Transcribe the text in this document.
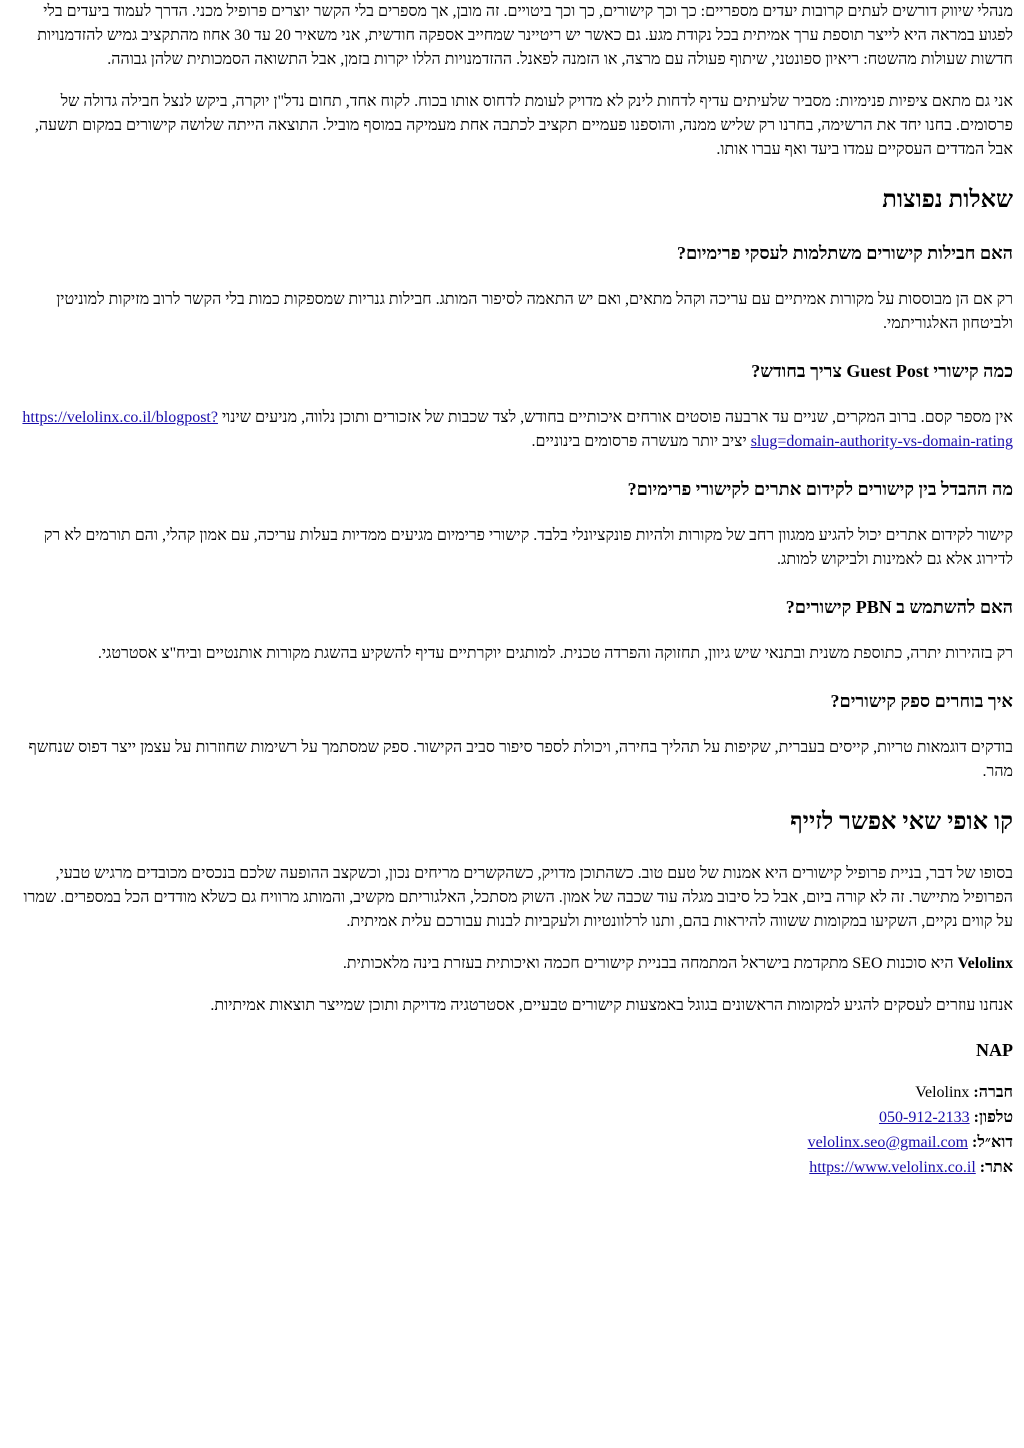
מנהלי שיווק דורשים לעתים קרובות יעדים מספריים: כך וכך קישורים, כך וכך ביטויים. זה מובן, אך מספרים בלי הקשר יוצרים פרופיל מכני. הדרך לעמוד ביעדים בלי לפגוע במראה היא לייצר תוספת ערך אמיתית בכל נקודת מגע. גם כאשר יש ריטיינר שמחייב אספקה חודשית, אני משאיר 20 עד 30 אחוז מהתקציב גמיש להזדמנויות חדשות שעולות מהשטח: ריאיון ספונטני, שיתוף פעולה עם מרצה, או הזמנה לפאנל. ההזדמנויות הללו יקרות בזמן, אבל התשואה הסמכותית שלהן גבוהה.

אני גם מתאם ציפיות פנימיות: מסביר שלעיתים עדיף לדחות לינק לא מדויק לעומת לדחוס אותו בכוח. לקוח אחד, תחום נדל"ן יוקרה, ביקש לנצל חבילה גדולה של פרסומים. בחנו יחד את הרשימה, בחרנו רק שליש ממנה, והוספנו פעמיים תקציב לכתבה אחת מעמיקה במוסף מוביל. התוצאה הייתה שלושה קישורים במקום תשעה, אבל המדדים העסקיים עמדו ביעד ואף עברו אותו.

שאלות נפוצות
האם חבילות קישורים משתלמות לעסקי פרימיום?

רק אם הן מבוססות על מקורות אמיתיים עם עריכה וקהל מתאים, ואם יש התאמה לסיפור המותג. חבילות גנריות שמספקות כמות בלי הקשר לרוב מזיקות למוניטין ולביטחון האלגוריתמי.

כמה קישורי Guest Post צריך בחודש?

אין מספר קסם. ברוב המקרים, שניים עד ארבעה פוסטים אורחים איכותיים בחודש, לצד שכבות של אזכורים ותוכן נלווה, מניעים שינוי https://velolinx.co.il/blogpost?slug=domain-authority-vs-domain-rating יציב יותר מעשרה פרסומים בינוניים.

מה ההבדל בין קישורים לקידום אתרים לקישורי פרימיום?

קישור לקידום אתרים יכול להגיע ממגוון רחב של מקורות ולהיות פונקציונלי בלבד. קישורי פרימיום מגיעים ממדיות בעלות עריכה, עם אמון קהלי, והם תורמים לא רק לדירוג אלא גם לאמינות ולביקוש למותג.

האם להשתמש ב PBN קישורים?

רק בזהירות יתרה, כתוספת משנית ובתנאי שיש גיוון, תחזוקה והפרדה טכנית. למותגים יוקרתיים עדיף להשקיע בהשגת מקורות אותנטיים וביח"צ אסטרטגי.

איך בוחרים ספק קישורים?

בודקים דוגמאות טריות, קייסים בעברית, שקיפות על תהליך בחירה, ויכולת לספר סיפור סביב הקישור. ספק שמסתמך על רשימות שחוזרות על עצמן ייצר דפוס שנחשף מהר.

קו אופי שאי אפשר לזייף

בסופו של דבר, בניית פרופיל קישורים היא אמנות של טעם טוב. כשהתוכן מדויק, כשהקשרים מריחים נכון, וכשקצב ההופעה שלכם בנכסים מכובדים מרגיש טבעי, הפרופיל מתיישר. זה לא קורה ביום, אבל כל סיבוב מגלה עוד שכבה של אמון. השוק מסתכל, האלגוריתם מקשיב, והמותג מרוויח גם כשלא מודדים הכל במספרים. שמרו על קווים נקיים, השקיעו במקומות ששווה להיראות בהם, ותנו לרלוונטיות ולעקביות לבנות עבורכם עלית אמיתית.

Velolinx היא סוכנות SEO מתקדמת בישראל המתמחה בבניית קישורים חכמה ואיכותית בעזרת בינה מלאכותית.

אנחנו עוזרים לעסקים להגיע למקומות הראשונים בגוגל באמצעות קישורים טבעיים, אסטרטגיה מדויקת ותוכן שמייצר תוצאות אמיתיות.

NAP

חברה: Velolinx

טלפון: 050-912-2133

דוא״ל: velolinx.seo@gmail.com

אתר: https://www.velolinx.co.il
